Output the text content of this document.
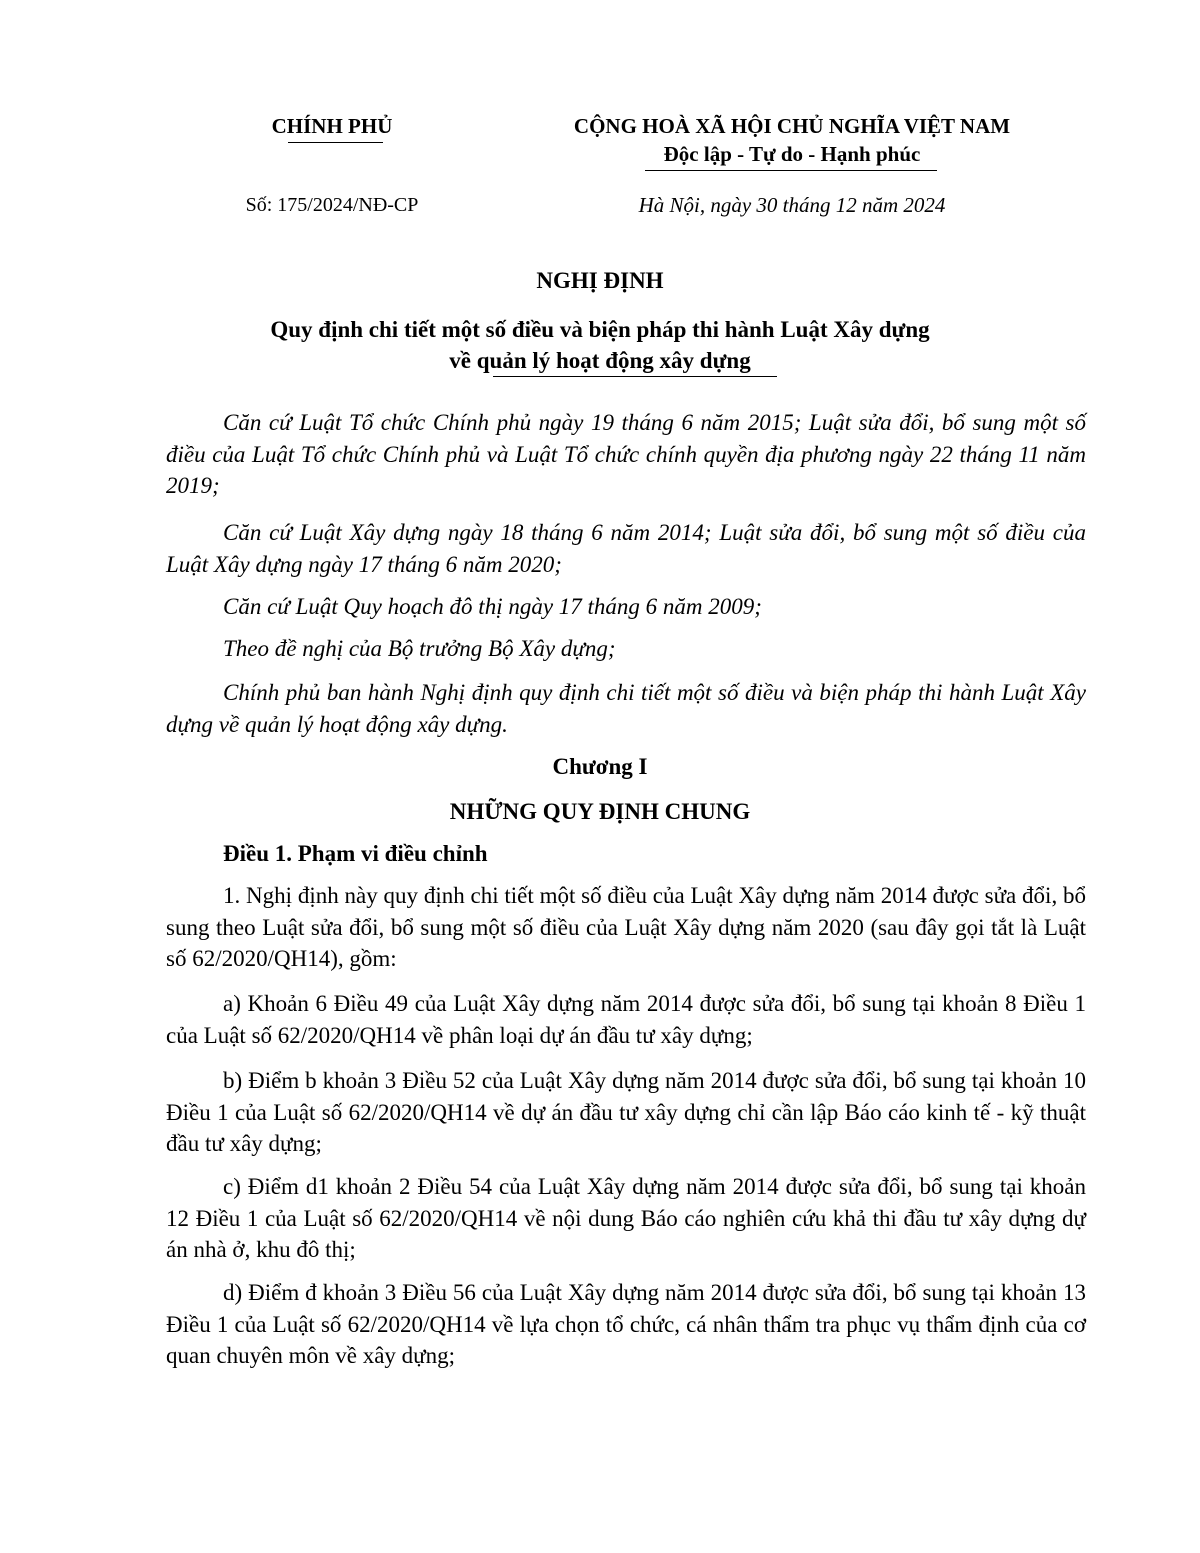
CHÍNH PHỦ	CỘNG HOÀ XÃ HỘI CHỦ NGHĨA VIỆT NAM
Độc lập - Tự do - Hạnh phúc
Số: 175/2024/NĐ-CP	Hà Nội, ngày 30 tháng 12 năm 2024
NGHỊ ĐỊNH
Quy định chi tiết một số điều và biện pháp thi hành Luật Xây dựng
về quản lý hoạt động xây dựng

Căn cứ Luật Tổ chức Chính phủ ngày 19 tháng 6 năm 2015; Luật sửa đổi, bổ sung một số điều của Luật Tổ chức Chính phủ và Luật Tổ chức chính quyền địa phương ngày 22 tháng 11 năm 2019;

Căn cứ Luật Xây dựng ngày 18 tháng 6 năm 2014; Luật sửa đổi, bổ sung một số điều của Luật Xây dựng ngày 17 tháng 6 năm 2020;

Căn cứ Luật Quy hoạch đô thị ngày 17 tháng 6 năm 2009;

Theo đề nghị của Bộ trưởng Bộ Xây dựng;

Chính phủ ban hành Nghị định quy định chi tiết một số điều và biện pháp thi hành Luật Xây dựng về quản lý hoạt động xây dựng.

Chương I
NHỮNG QUY ĐỊNH CHUNG

Điều 1. Phạm vi điều chỉnh

1. Nghị định này quy định chi tiết một số điều của Luật Xây dựng năm 2014 được sửa đổi, bổ sung theo Luật sửa đổi, bổ sung một số điều của Luật Xây dựng năm 2020 (sau đây gọi tắt là Luật số 62/2020/QH14), gồm:

a) Khoản 6 Điều 49 của Luật Xây dựng năm 2014 được sửa đổi, bổ sung tại khoản 8 Điều 1 của Luật số 62/2020/QH14 về phân loại dự án đầu tư xây dựng;

b) Điểm b khoản 3 Điều 52 của Luật Xây dựng năm 2014 được sửa đổi, bổ sung tại khoản 10 Điều 1 của Luật số 62/2020/QH14 về dự án đầu tư xây dựng chỉ cần lập Báo cáo kinh tế - kỹ thuật đầu tư xây dựng;

c) Điểm d1 khoản 2 Điều 54 của Luật Xây dựng năm 2014 được sửa đổi, bổ sung tại khoản 12 Điều 1 của Luật số 62/2020/QH14 về nội dung Báo cáo nghiên cứu khả thi đầu tư xây dựng dự án nhà ở, khu đô thị;

d) Điểm đ khoản 3 Điều 56 của Luật Xây dựng năm 2014 được sửa đổi, bổ sung tại khoản 13 Điều 1 của Luật số 62/2020/QH14 về lựa chọn tổ chức, cá nhân thẩm tra phục vụ thẩm định của cơ quan chuyên môn về xây dựng;
